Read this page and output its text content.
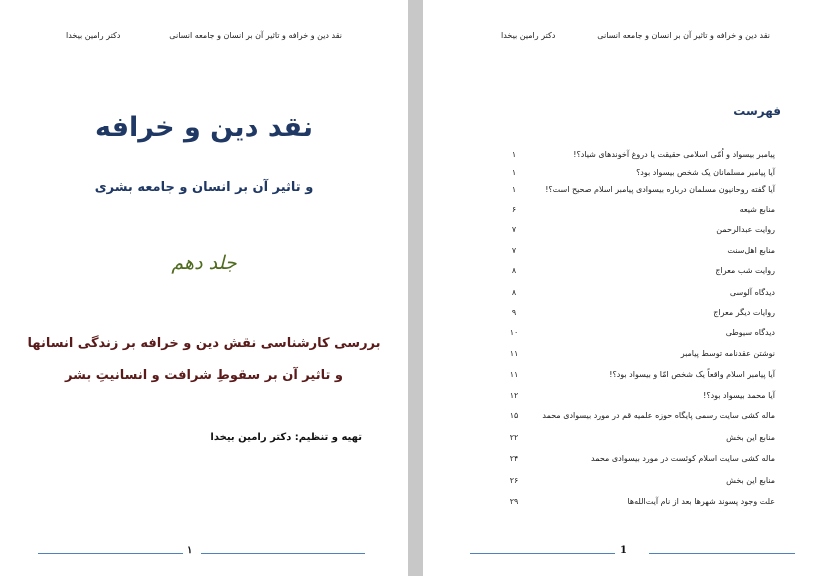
دکتر رامین بیخدا	نقد دین و خرافه و تاثیر آن بر انسان و جامعه انسانی
نقد دین و خرافه
و تاثیر آن بر انسان و جامعه بشری
جلد دهم
بررسی کارشناسی نقش دین و خرافه بر زندگی انسانها
و تاثیر آن بر سقوطِ شرافت و انسانیتِ بشر
تهیه و تنظیم: دکتر رامین بیخدا
١
دکتر رامین بیخدا	نقد دین و خرافه و تاثیر آن بر انسان و جامعه انسانی
فهرست
پیامبر بیسواد و اُمّی اسلامی حقیقت یا دروغ آخوندهای شیاد؟!
١
آیا پیامبر مسلمانان یک شخص بیسواد بود؟
١
آیا گفته روحانیون مسلمان درباره بیسوادی پیامبر اسلام صحیح است؟!
١
منابع شیعه
۶
روایت عبدالرحمن
۷
منابع اهل‌سنت
۷
روایت شب معراج
۸
دیدگاه آلوسی
۸
روایات دیگر معراج
۹
دیدگاه سیوطی
۱۰
نوشتن عقدنامه توسط پیامبر
۱۱
آیا پیامبر اسلام واقعاً یک شخص امّا و بیسواد بود؟!
۱۱
آیا محمد بیسواد بود؟!
۱۲
ماله کشی سایت رسمی پایگاه حوزه علمیه قم در مورد بیسوادی محمد
۱۵
منابع این بخش
۲۲
ماله کشی سایت اسلام کوئست در مورد بیسوادی محمد
۲۴
منابع این بخش
۲۶
علت وجود پسوند شهرها بعد از نام آیت‌الله‌ها
۲۹
1
